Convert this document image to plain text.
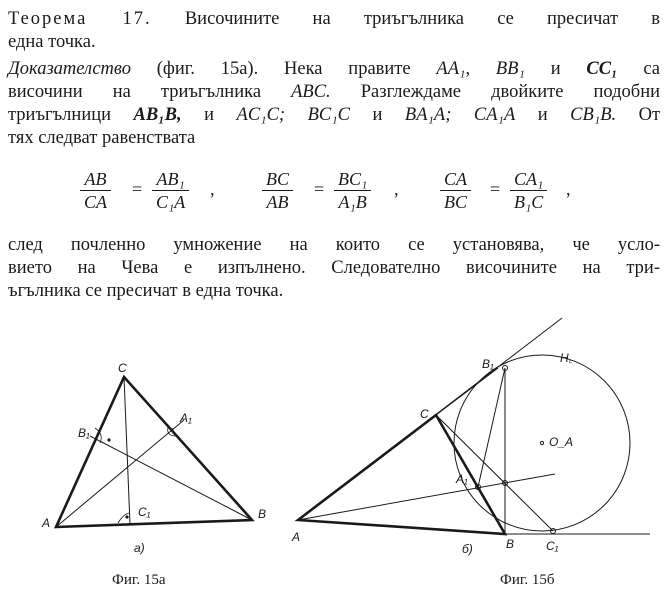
Теорема 17. Височините на триъгълника се пресичат в
една точка.
Доказателство (фиг. 15а). Нека правите AA₁, BB₁ и CC₁ са
височини на триъгълника ABC. Разглеждаме двойките подобни
триъгълници AB₁B, и AC₁C; BC₁C и BA₁A; CA₁A и CB₁B. От
тях следват равенствата
$\frac{AB}{CA} = \frac{\text{AB₁}}{\text{C₁A}}$ ,	$\frac{BC}{AB} = \frac{\text{BC₁}}{\text{A₁B}}$ , $\frac{CA}{BC} = \frac{\text{CA₁}}{\text{B₁C}}$ ,
след почленно умножение на които се установява, че усло-
вието на Чева е изпълнено. Следователно височините на три-
ъгълника се пресичат в една точка.
A
B
C
A₁
B₁
C₁
а)
A	B
C
A₁
B₁
C₁
H꜀
O_A
б)
Фиг. 15а	Фиг. 15б
